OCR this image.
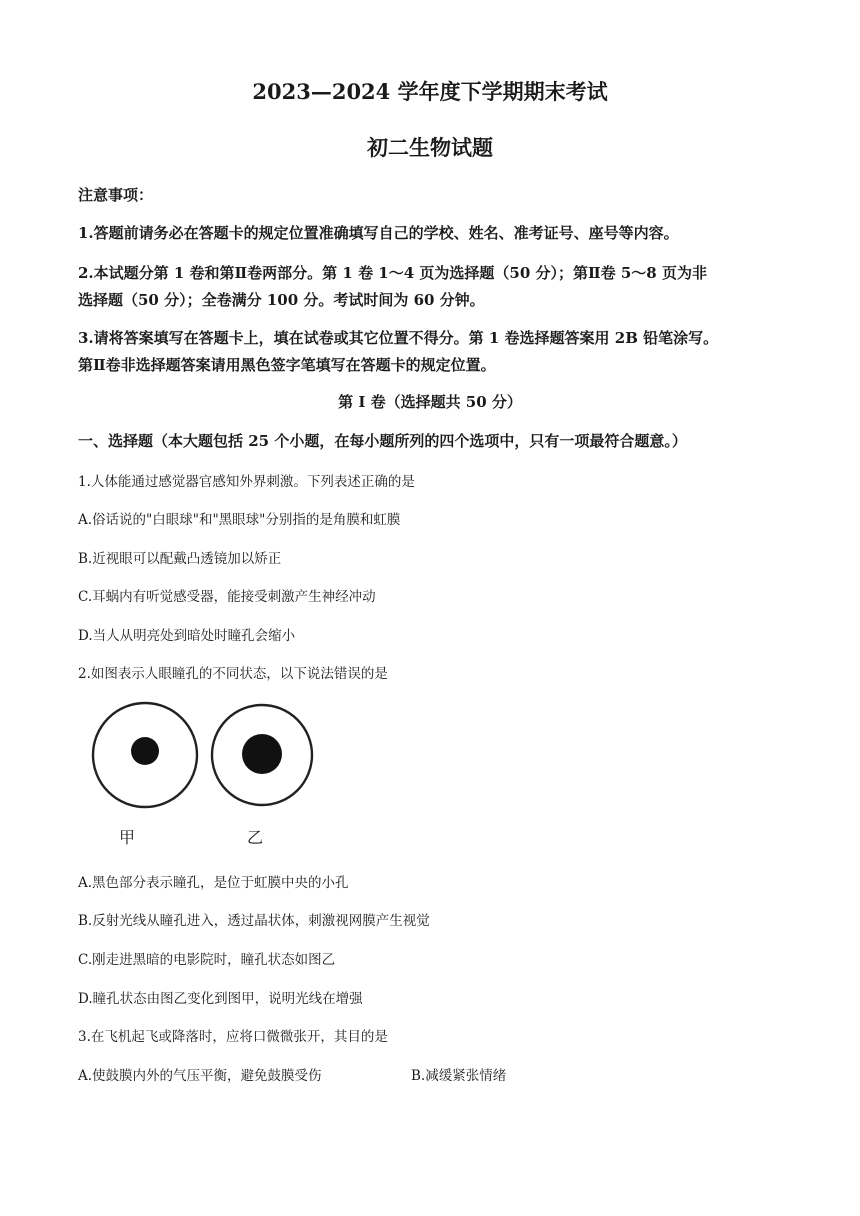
2023—2024 学年度下学期期末考试
初二生物试题
注意事项：
1.答题前请务必在答题卡的规定位置准确填写自己的学校、姓名、准考证号、座号等内容。
2.本试题分第 1 卷和第Ⅱ卷两部分。第 1 卷 1～4 页为选择题（50 分）；第Ⅱ卷 5～8 页为非
选择题（50 分）；全卷满分 100 分。考试时间为 60 分钟。
3.请将答案填写在答题卡上，填在试卷或其它位置不得分。第 1 卷选择题答案用 2B 铅笔涂写。
第Ⅱ卷非选择题答案请用黑色签字笔填写在答题卡的规定位置。
第 I 卷（选择题共 50 分）
一、选择题（本大题包括 25 个小题，在每小题所列的四个选项中，只有一项最符合题意。）
1.人体能通过感觉器官感知外界刺激。下列表述正确的是
A.俗话说的"白眼球"和"黑眼球"分别指的是角膜和虹膜
B.近视眼可以配戴凸透镜加以矫正
C.耳蜗内有听觉感受器，能接受刺激产生神经冲动
D.当人从明亮处到暗处时瞳孔会缩小
2.如图表示人眼瞳孔的不同状态，以下说法错误的是
甲	乙
A.黑色部分表示瞳孔，是位于虹膜中央的小孔
B.反射光线从瞳孔进入，透过晶状体，刺激视网膜产生视觉
C.刚走进黑暗的电影院时，瞳孔状态如图乙
D.瞳孔状态由图乙变化到图甲，说明光线在增强
3.在飞机起飞或降落时，应将口微微张开，其目的是
A.使鼓膜内外的气压平衡，避免鼓膜受伤	B.减缓紧张情绪
